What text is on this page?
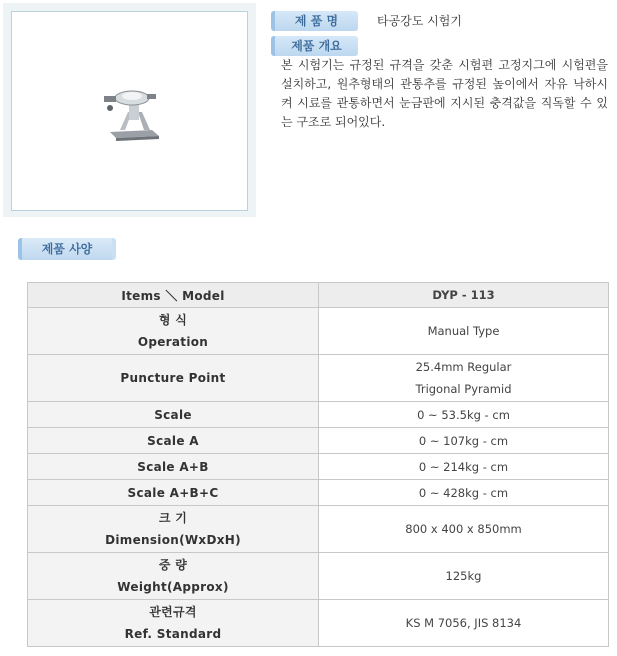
제 품 명	타공강도 시험기
제품 개요
본 시험기는 규정된 규격을 갖춘 시험편 고정지그에 시험편을 설치하고, 원추형태의 관통추를 규정된 높이에서 자유 낙하시켜 시료를 관통하면서 눈금판에 지시된 충격값을 직독할 수 있는 구조로 되어있다.
제품 사양
Items ＼ Model	DYP - 113

형 식
Operation	Manual Type
Puncture Point	25.4mm Regular
Trigonal Pyramid

Scale	0 ~ 53.5kg - cm
Scale A	0 ~ 107kg - cm
Scale A+B	0 ~ 214kg - cm
Scale A+B+C	0 ~ 428kg - cm

크 기
Dimension(WxDxH)	800 x 400 x 850mm

중 량
Weight(Approx)	125kg

관련규격
Ref. Standard	KS M 7056, JIS 8134
